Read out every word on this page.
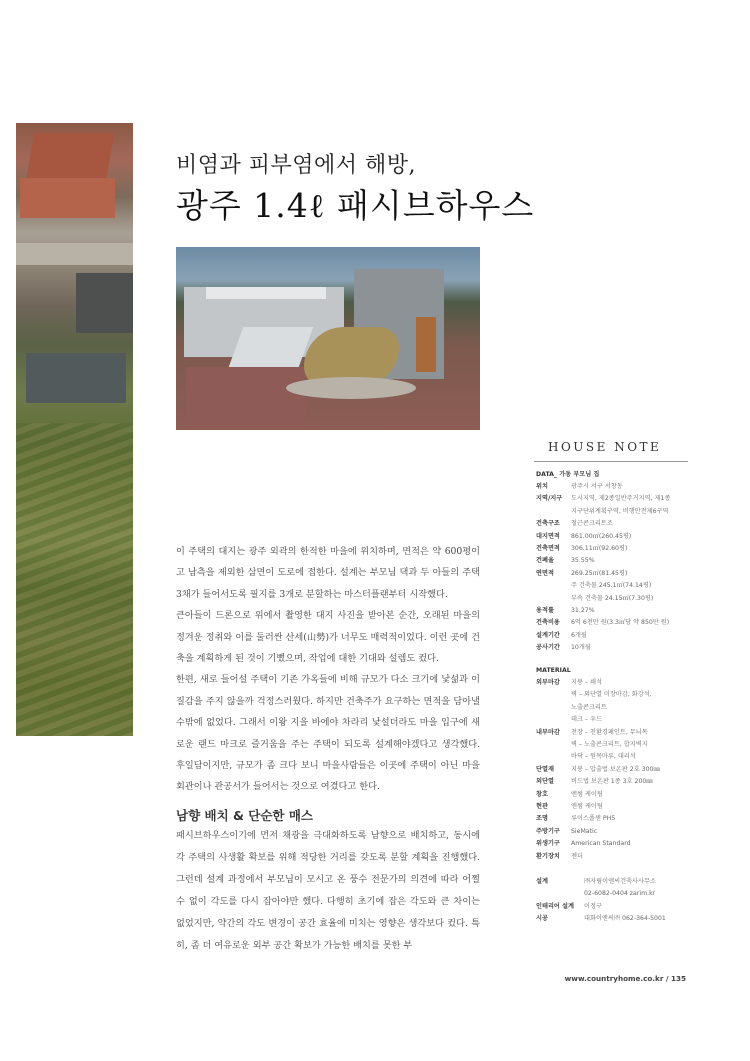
비염과 피부염에서 해방,
광주 1.4ℓ 패시브하우스

이 주택의 대지는 광주 외곽의 한적한 마을에 위치하며, 면적은 약 600평이고 남측을 제외한 삼면이 도로에 접한다. 설계는 부모님 댁과 두 아들의 주택 3채가 들어서도록 필지를 3개로 분할하는 마스터플랜부터 시작했다.

큰아들이 드론으로 위에서 촬영한 대지 사진을 받아본 순간, 오래된 마을의 정겨운 정취와 이를 둘러싼 산세(山勢)가 너무도 매력적이었다. 이런 곳에 건축을 계획하게 된 것이 기뻤으며, 작업에 대한 기대와 설렘도 컸다.

한편, 새로 들어설 주택이 기존 가옥들에 비해 규모가 다소 크기에 낯섦과 이질감을 주지 않을까 걱정스러웠다. 하지만 건축주가 요구하는 면적을 담아낼 수밖에 없었다. 그래서 이왕 지을 바에야 차라리 낯설더라도 마을 입구에 새로운 랜드 마크로 즐거움을 주는 주택이 되도록 설계해야겠다고 생각했다. 후일담이지만, 규모가 좀 크다 보니 마을사람들은 이곳에 주택이 아닌 마을회관이나 관공서가 들어서는 것으로 여겼다고 한다.

남향 배치 & 단순한 매스

패시브하우스이기에 먼저 채광을 극대화하도록 남향으로 배치하고, 동시에 각 주택의 사생활 확보를 위해 적당한 거리를 갖도록 분할 계획을 진행했다. 그런데 설계 과정에서 부모님이 모시고 온 풍수 전문가의 의견에 따라 어쩔 수 없이 각도를 다시 잡아야만 했다. 다행히 초기에 잡은 각도와 큰 차이는 없었지만, 약간의 각도 변경이 공간 효율에 미치는 영향은 생각보다 컸다. 특히, 좀 더 여유로운 외부 공간 확보가 가능한 배치를 못한 부

HOUSE NOTE
DATA_ 가동 부모님 집
위치	광주시 서구 서창동
지역/지구	도시지역, 제2종일반주거지역, 제1종
지구단위계획구역, 비행안전제6구역
건축구조	철근콘크리트조
대지면적	861.00㎡(260.45평)
건축면적	306.11㎡(92.60평)
건폐율	35.55%
연면적	269.25㎡(81.45평)
주 건축물 245.1㎡(74.14평)
부속 건축물 24.15㎡(7.30평)
용적률	31.27%
건축비용	6억 6천만 원(3.3㎡당 약 850만 원)
설계기간	6개월
공사기간	10개월
MATERIAL
외부마감	지붕 – 쇄석
벽 – 외단열 미장마감, 화강석,
노출콘크리트
데크 – 우드
내부마감	천장 – 친환경페인트, 무늬목
벽 – 노출콘크리트, 합지벽지
바닥 – 원목마루, 대리석
단열재	지붕 – 압출법 보온판 2호 300㎜
외단열	비드법 보온판 1종 3호 200㎜
창호	엔썸 케이팀
현관	엔썸 케이팀
조명	루이스폴센 PH5
주방기구	SieMatic
위생기구	American Standard
환기장치	젠더
설계	㈜자림이앤씨건축사사무소
02-6082-0404 zarim.kr
인테리어 설계	이정구
시공	대화이엔씨㈜ 062-364-5001
www.countryhome.co.kr / 135
